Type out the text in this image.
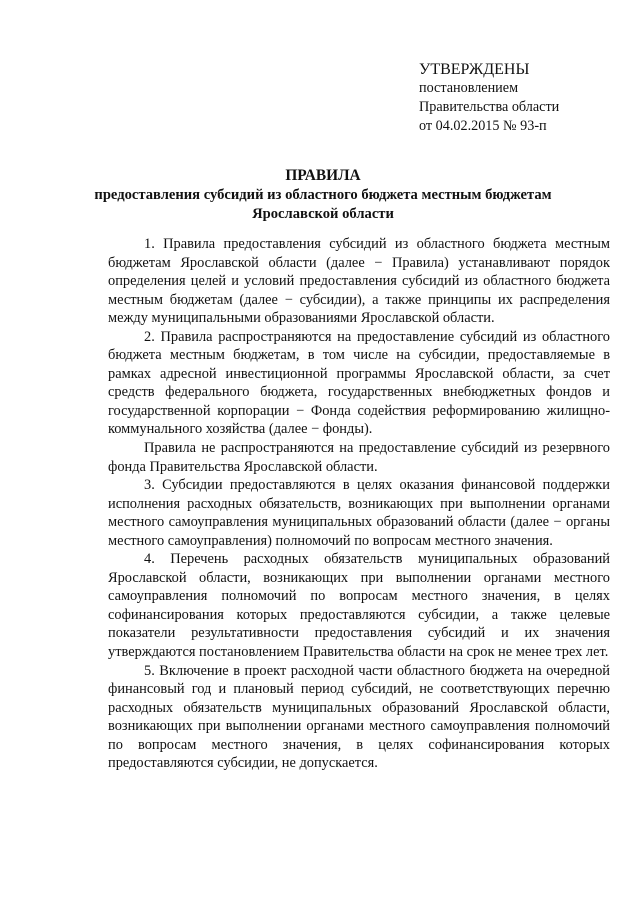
УТВЕРЖДЕНЫ
постановлением
Правительства области
от 04.02.2015 № 93-п
ПРАВИЛА
предоставления субсидий из областного бюджета местным бюджетам Ярославской области

1. Правила предоставления субсидий из областного бюджета местным бюджетам Ярославской области (далее − Правила) устанавливают порядок определения целей и условий предоставления субсидий из областного бюджета местным бюджетам (далее − субсидии), а также принципы их распределения между муниципальными образованиями Ярославской области.

2. Правила распространяются на предоставление субсидий из областного бюджета местным бюджетам, в том числе на субсидии, предоставляемые в рамках адресной инвестиционной программы Ярославской области, за счет средств федерального бюджета, государственных внебюджетных фондов и государственной корпорации − Фонда содействия реформированию жилищно-коммунального хозяйства (далее − фонды).

Правила не распространяются на предоставление субсидий из резервного фонда Правительства Ярославской области.

3. Субсидии предоставляются в целях оказания финансовой поддержки исполнения расходных обязательств, возникающих при выполнении органами местного самоуправления муниципальных образований области (далее − органы местного самоуправления) полномочий по вопросам местного значения.

4. Перечень расходных обязательств муниципальных образований Ярославской области, возникающих при выполнении органами местного самоуправления полномочий по вопросам местного значения, в целях софинансирования которых предоставляются субсидии, а также целевые показатели результативности предоставления субсидий и их значения утверждаются постановлением Правительства области на срок не менее трех лет.

5. Включение в проект расходной части областного бюджета на очередной финансовый год и плановый период субсидий, не соответствующих перечню расходных обязательств муниципальных образований Ярославской области, возникающих при выполнении органами местного самоуправления полномочий по вопросам местного значения, в целях софинансирования которых предоставляются субсидии, не допускается.
